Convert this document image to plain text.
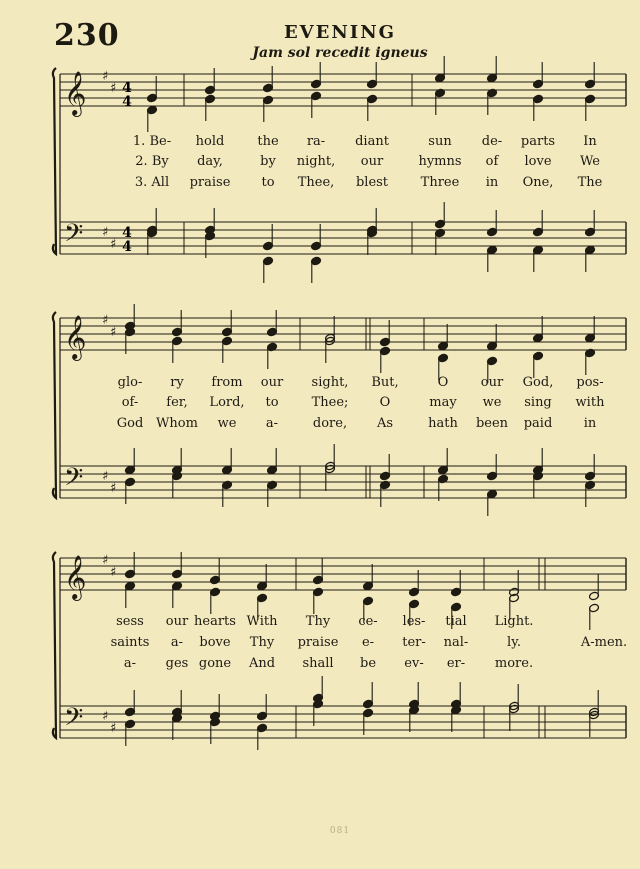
230	EVENING
Jam sol recedit igneus
𝄞 ♯
♯
𝄢 ♯
♯
𝄞 ♯
♯
𝄢 ♯
♯
𝄞 ♯
♯
𝄢 ♯
♯
4
4
4
4
1. Be- hold	the ra- diant	sun de- parts In
2. By day,	by night, our	hymns of love We
3. All praise to Thee, blest	Three in One, The
glo- ry from our sight, But,	O our God, pos-
of- fer, Lord, to	Thee; O	may we sing with
God Whom we a-	dore, As	hath been paid in
sess our hearts With Thy ce- les- tial Light.
saints a- bove Thy praise e- ter- nal-	ly.	A-men.
a- ges gone And shall be ev- er- more.
081
